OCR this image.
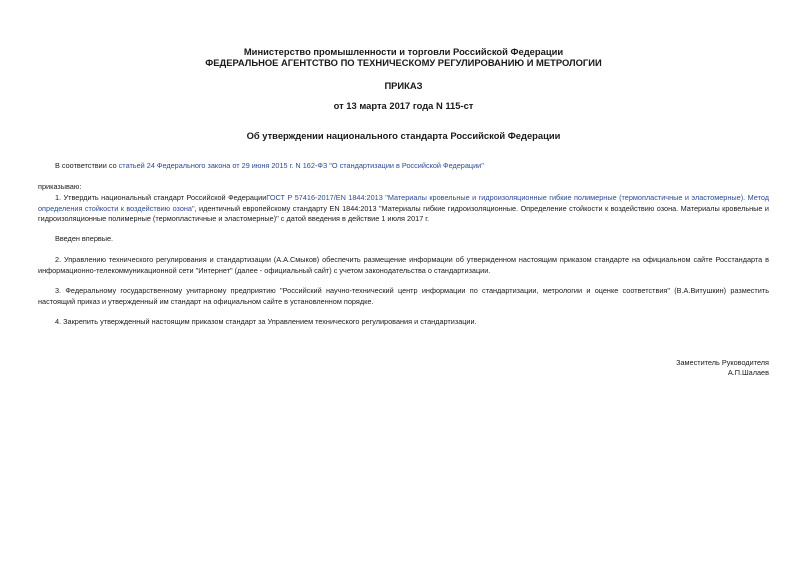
Министерство промышленности и торговли Российской Федерации
ФЕДЕРАЛЬНОЕ АГЕНТСТВО ПО ТЕХНИЧЕСКОМУ РЕГУЛИРОВАНИЮ И МЕТРОЛОГИИ
ПРИКАЗ
от 13 марта 2017 года N 115-ст
Об утверждении национального стандарта Российской Федерации

В соответствии со статьей 24 Федерального закона от 29 июня 2015 г. N 162-ФЗ "О стандартизации в Российской Федерации"

приказываю:

1. Утвердить национальный стандарт Российской ФедерацииГОСТ Р 57416-2017/EN 1844:2013 "Материалы кровельные и гидроизоляционные гибкие полимерные (термопластичные и эластомерные). Метод определения стойкости к воздействию озона", идентичный европейскому стандарту EN 1844:2013 "Материалы гибкие гидроизоляционные. Определение стойкости к воздействию озона. Материалы кровельные и гидроизоляционные полимерные (термопластичные и эластомерные)" с датой введения в действие 1 июля 2017 г.

Введен впервые.

2. Управлению технического регулирования и стандартизации (А.А.Смыков) обеспечить размещение информации об утвержденном настоящим приказом стандарте на официальном сайте Росстандарта в информационно-телекоммуникационной сети "Интернет" (далее - официальный сайт) с учетом законодательства о стандартизации.

3. Федеральному государственному унитарному предприятию "Российский научно-технический центр информации по стандартизации, метрологии и оценке соответствия" (В.А.Витушкин) разместить настоящий приказ и утвержденный им стандарт на официальном сайте в установленном порядке.

4. Закрепить утвержденный настоящим приказом стандарт за Управлением технического регулирования и стандартизации.

Заместитель Руководителя
А.П.Шалаев
